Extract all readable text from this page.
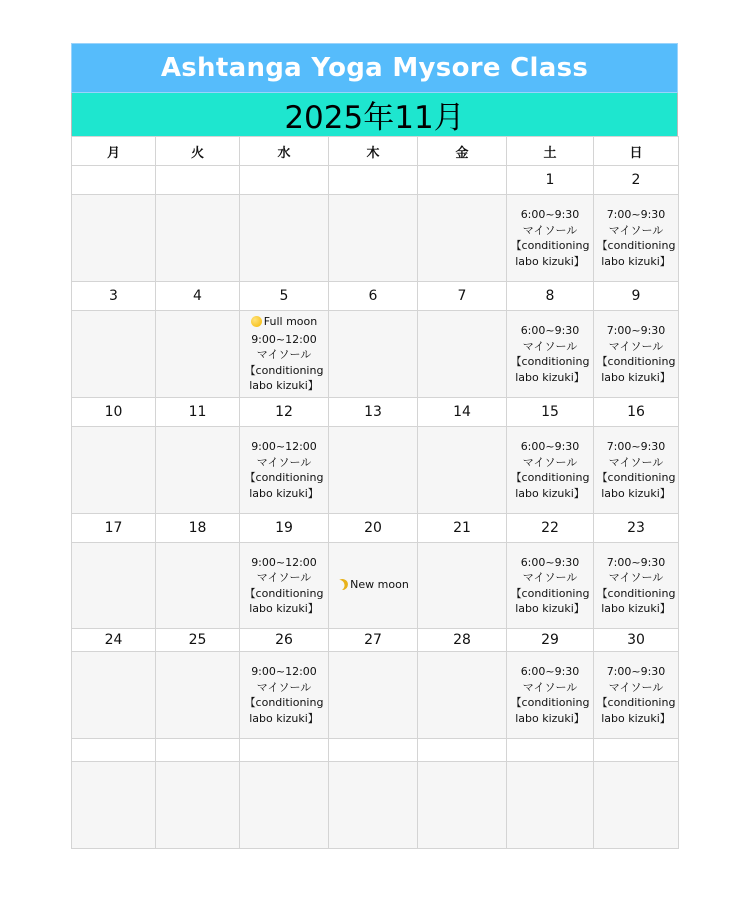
Ashtanga Yoga Mysore Class
2025年11月
月	火	水	木	金	土	日
					1	2

					6:00~9:30
マイソール
【conditioning
labo kizuki】	7:00~9:30
マイソール
【conditioning
labo kizuki】

3	4	5	6	7	8	9

		Full moon
9:00~12:00
マイソール
【conditioning
labo kizuki】			6:00~9:30
マイソール
【conditioning
labo kizuki】	7:00~9:30
マイソール
【conditioning
labo kizuki】

10	11	12	13	14	15	16

		9:00~12:00
マイソール
【conditioning
labo kizuki】			6:00~9:30
マイソール
【conditioning
labo kizuki】	7:00~9:30
マイソール
【conditioning
labo kizuki】

17	18	19	20	21	22	23

		9:00~12:00
マイソール
【conditioning
labo kizuki】	New moon		6:00~9:30
マイソール
【conditioning
labo kizuki】	7:00~9:30
マイソール
【conditioning
labo kizuki】

24	25	26	27	28	29	30

		9:00~12:00
マイソール
【conditioning
labo kizuki】			6:00~9:30
マイソール
【conditioning
labo kizuki】	7:00~9:30
マイソール
【conditioning
labo kizuki】
